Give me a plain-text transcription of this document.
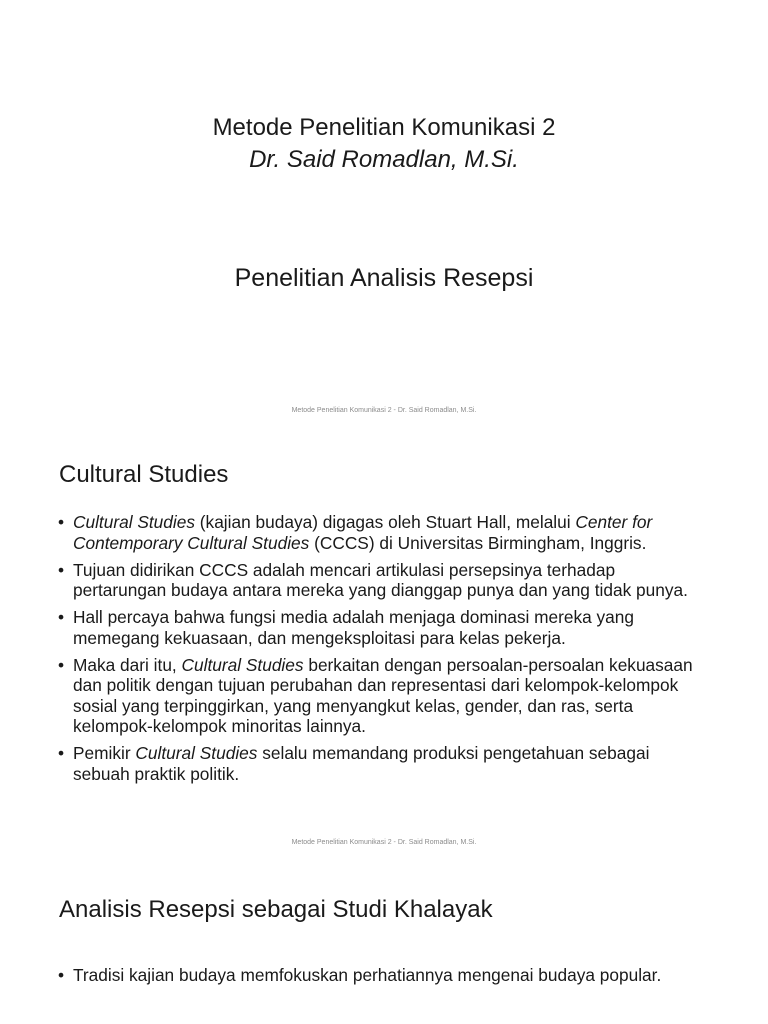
Metode Penelitian Komunikasi 2
Dr. Said Romadlan, M.Si.
Penelitian Analisis Resepsi
Metode Penelitian Komunikasi 2 - Dr. Said Romadlan, M.Si.
Cultural Studies
• Cultural Studies (kajian budaya) digagas oleh Stuart Hall, melalui Center for Contemporary Cultural Studies (CCCS) di Universitas Birmingham, Inggris.
• Tujuan didirikan CCCS adalah mencari artikulasi persepsinya terhadap pertarungan budaya antara mereka yang dianggap punya dan yang tidak punya.
• Hall percaya bahwa fungsi media adalah menjaga dominasi mereka yang memegang kekuasaan, dan mengeksploitasi para kelas pekerja.
• Maka dari itu, Cultural Studies berkaitan dengan persoalan-persoalan kekuasaan dan politik dengan tujuan perubahan dan representasi dari kelompok-kelompok sosial yang terpinggirkan, yang menyangkut kelas, gender, dan ras, serta kelompok-kelompok minoritas lainnya.
• Pemikir Cultural Studies selalu memandang produksi pengetahuan sebagai sebuah praktik politik.
Metode Penelitian Komunikasi 2 - Dr. Said Romadlan, M.Si.
Analisis Resepsi sebagai Studi Khalayak
• Tradisi kajian budaya memfokuskan perhatiannya mengenai budaya popular.
